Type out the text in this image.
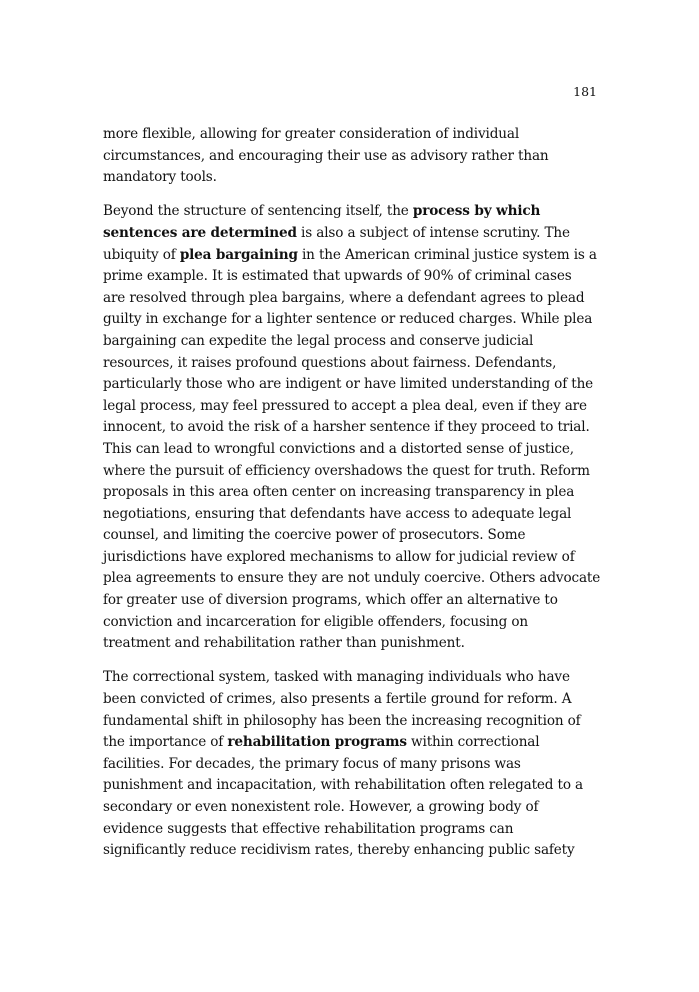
181

more flexible, allowing for greater consideration of individual
circumstances, and encouraging their use as advisory rather than
mandatory tools.

Beyond the structure of sentencing itself, the process by which
sentences are determined is also a subject of intense scrutiny. The
ubiquity of plea bargaining in the American criminal justice system is a
prime example. It is estimated that upwards of 90% of criminal cases
are resolved through plea bargains, where a defendant agrees to plead
guilty in exchange for a lighter sentence or reduced charges. While plea
bargaining can expedite the legal process and conserve judicial
resources, it raises profound questions about fairness. Defendants,
particularly those who are indigent or have limited understanding of the
legal process, may feel pressured to accept a plea deal, even if they are
innocent, to avoid the risk of a harsher sentence if they proceed to trial.
This can lead to wrongful convictions and a distorted sense of justice,
where the pursuit of efficiency overshadows the quest for truth. Reform
proposals in this area often center on increasing transparency in plea
negotiations, ensuring that defendants have access to adequate legal
counsel, and limiting the coercive power of prosecutors. Some
jurisdictions have explored mechanisms to allow for judicial review of
plea agreements to ensure they are not unduly coercive. Others advocate
for greater use of diversion programs, which offer an alternative to
conviction and incarceration for eligible offenders, focusing on
treatment and rehabilitation rather than punishment.

The correctional system, tasked with managing individuals who have
been convicted of crimes, also presents a fertile ground for reform. A
fundamental shift in philosophy has been the increasing recognition of
the importance of rehabilitation programs within correctional
facilities. For decades, the primary focus of many prisons was
punishment and incapacitation, with rehabilitation often relegated to a
secondary or even nonexistent role. However, a growing body of
evidence suggests that effective rehabilitation programs can
significantly reduce recidivism rates, thereby enhancing public safety
